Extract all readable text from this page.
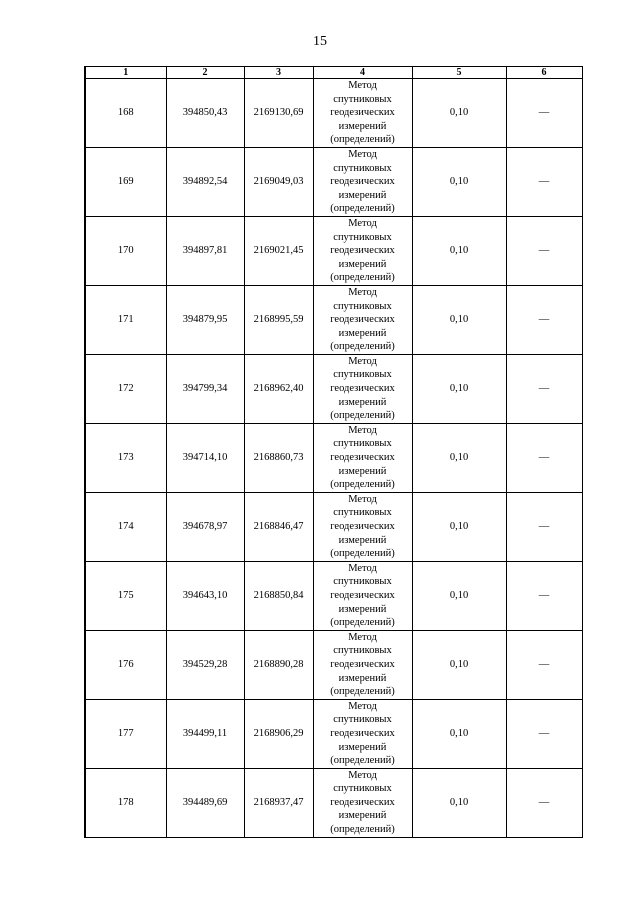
15
1	2	3	4	5	6
168	394850,43	2169130,69	Метод
спутниковых
геодезических
измерений
(определений)	0,10	—
169	394892,54	2169049,03	Метод
спутниковых
геодезических
измерений
(определений)	0,10	—
170	394897,81	2169021,45	Метод
спутниковых
геодезических
измерений
(определений)	0,10	—
171	394879,95	2168995,59	Метод
спутниковых
геодезических
измерений
(определений)	0,10	—
172	394799,34	2168962,40	Метод
спутниковых
геодезических
измерений
(определений)	0,10	—
173	394714,10	2168860,73	Метод
спутниковых
геодезических
измерений
(определений)	0,10	—
174	394678,97	2168846,47	Метод
спутниковых
геодезических
измерений
(определений)	0,10	—
175	394643,10	2168850,84	Метод
спутниковых
геодезических
измерений
(определений)	0,10	—
176	394529,28	2168890,28	Метод
спутниковых
геодезических
измерений
(определений)	0,10	—
177	394499,11	2168906,29	Метод
спутниковых
геодезических
измерений
(определений)	0,10	—
178	394489,69	2168937,47	Метод
спутниковых
геодезических
измерений
(определений)	0,10	—
